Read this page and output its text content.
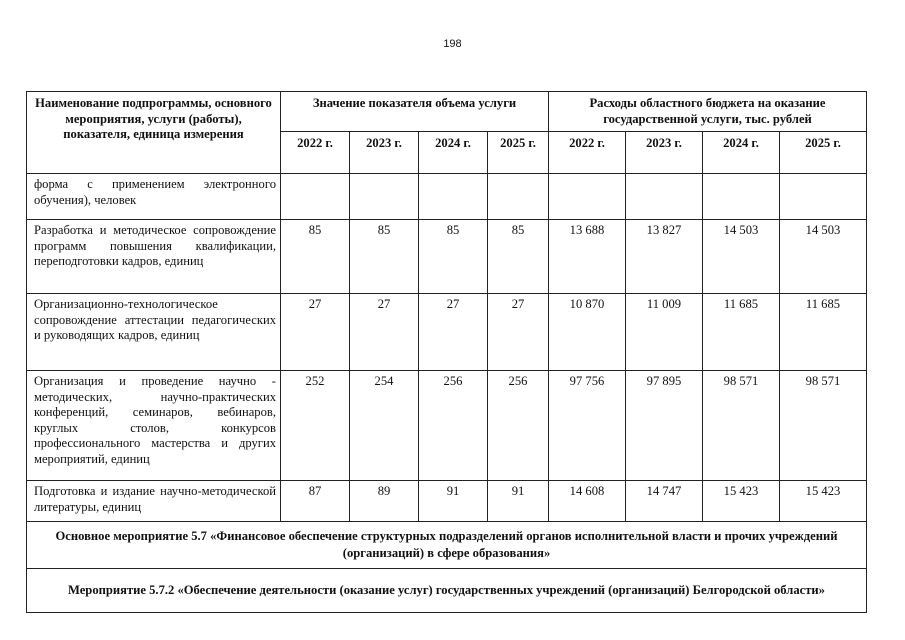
198
Наименование подпрограммы, основного мероприятия, услуги (работы), показателя, единица измерения	Значение показателя объема услуги				Расходы областного бюджета на оказание государственной услуги, тыс. рублей			
	2022 г.	2023 г.	2024 г.	2025 г.	2022 г.	2023 г.	2024 г.	2025 г.
форма с применением электронного обучения), человек								
Разработка и методическое сопровождение программ повышения квалификации, переподготовки кадров, единиц	85	85	85	85	13 688	13 827	14 503	14 503
Организационно-технологическое сопровождение аттестации педагогических и руководящих кадров, единиц	27	27	27	27	10 870	11 009	11 685	11 685
Организация и проведение научно - методических, научно-практических конференций, семинаров, вебинаров, круглых столов, конкурсов профессионального мастерства и других мероприятий, единиц	252	254	256	256	97 756	97 895	98 571	98 571
Подготовка и издание научно-методической литературы, единиц	87	89	91	91	14 608	14 747	15 423	15 423
Основное мероприятие 5.7 «Финансовое обеспечение структурных подразделений органов исполнительной власти и прочих учреждений (организаций) в сфере образования»								
Мероприятие 5.7.2 «Обеспечение деятельности (оказание услуг) государственных учреждений (организаций) Белгородской области»								
